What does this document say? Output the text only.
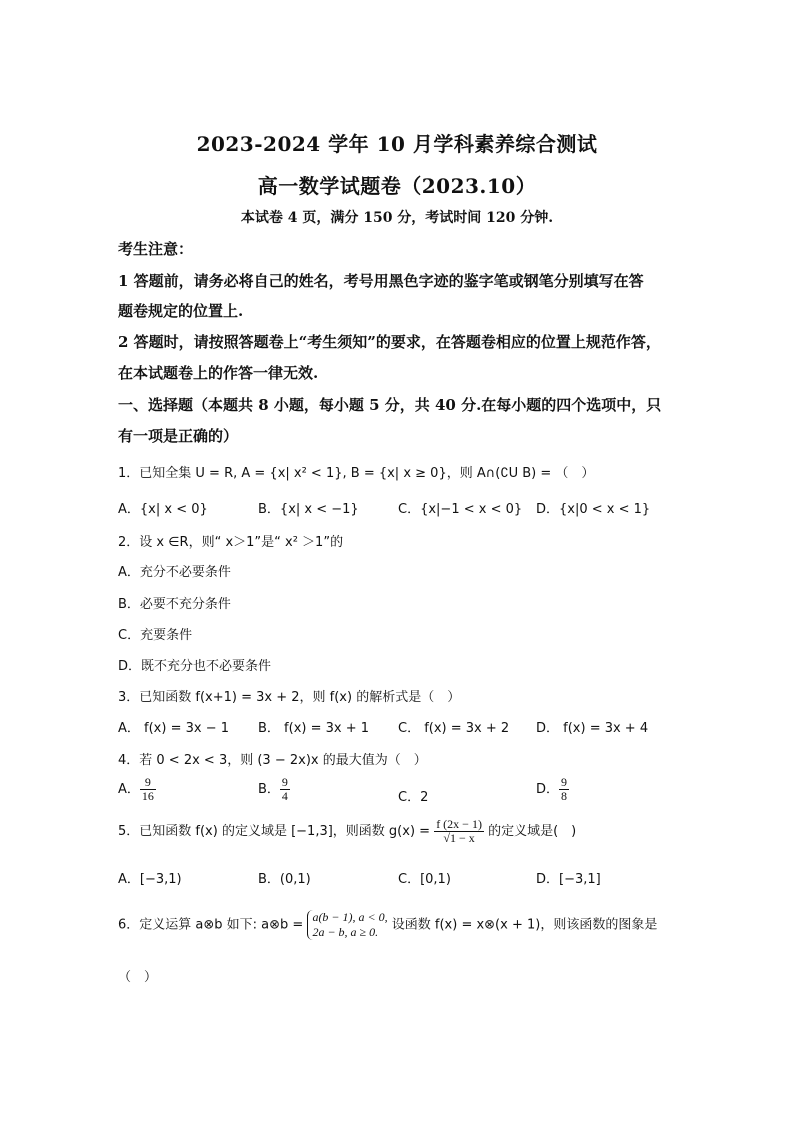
2023-2024 学年 10 月学科素养综合测试
高一数学试题卷（2023.10）
本试卷 4 页，满分 150 分，考试时间 120 分钟.
考生注意：
1 答题前，请务必将自己的姓名，考号用黑色字迹的鉴字笔或钢笔分别填写在答
题卷规定的位置上.
2 答题时，请按照答题卷上“考生须知”的要求，在答题卷相应的位置上规范作答，
在本试题卷上的作答一律无效.
一、选择题（本题共 8 小题，每小题 5 分，共 40 分.在每小题的四个选项中，只
有一项是正确的）
1．已知全集 U = R, A = {x| x² < 1}, B = {x| x ≥ 0}，则 A∩(∁U B) = （　）
A．{x| x < 0}	B．{x| x < −1}	C．{x|−1 < x < 0} D．{x|0 < x < 1}
2．设 x ∈R，则“ x＞1”是“ x² ＞1”的
A．充分不必要条件
B．必要不充分条件
C．充要条件
D．既不充分也不必要条件
3．已知函数 f(x+1) = 3x + 2，则 f(x) 的解析式是（　）
A． f(x) = 3x − 1 B． f(x) = 3x + 1 C． f(x) = 3x + 2 D． f(x) = 3x + 4
4．若 0 < 2x < 3，则 (3 − 2x)x 的最大值为（　）
A． $\frac{9}{16}$	B． $\frac{9}{4}$	C．2
D． $\frac{9}{8}$
5．已知函数 f(x) 的定义域是 [−1,3]，则函数 $g(x) = \frac{f (2x - 1)}{√1 - x}$ 的定义域是(　)
A．[−3,1)	B．(0,1)	C．[0,1)	D．[−3,1]
6．定义运算 a⊗b 如下: a⊗b =
a(b − 1), a < 0,
2a − b, a ≥ 0.	设函数 f(x) = x⊗(x + 1)，则该函数的图象是
（　）
